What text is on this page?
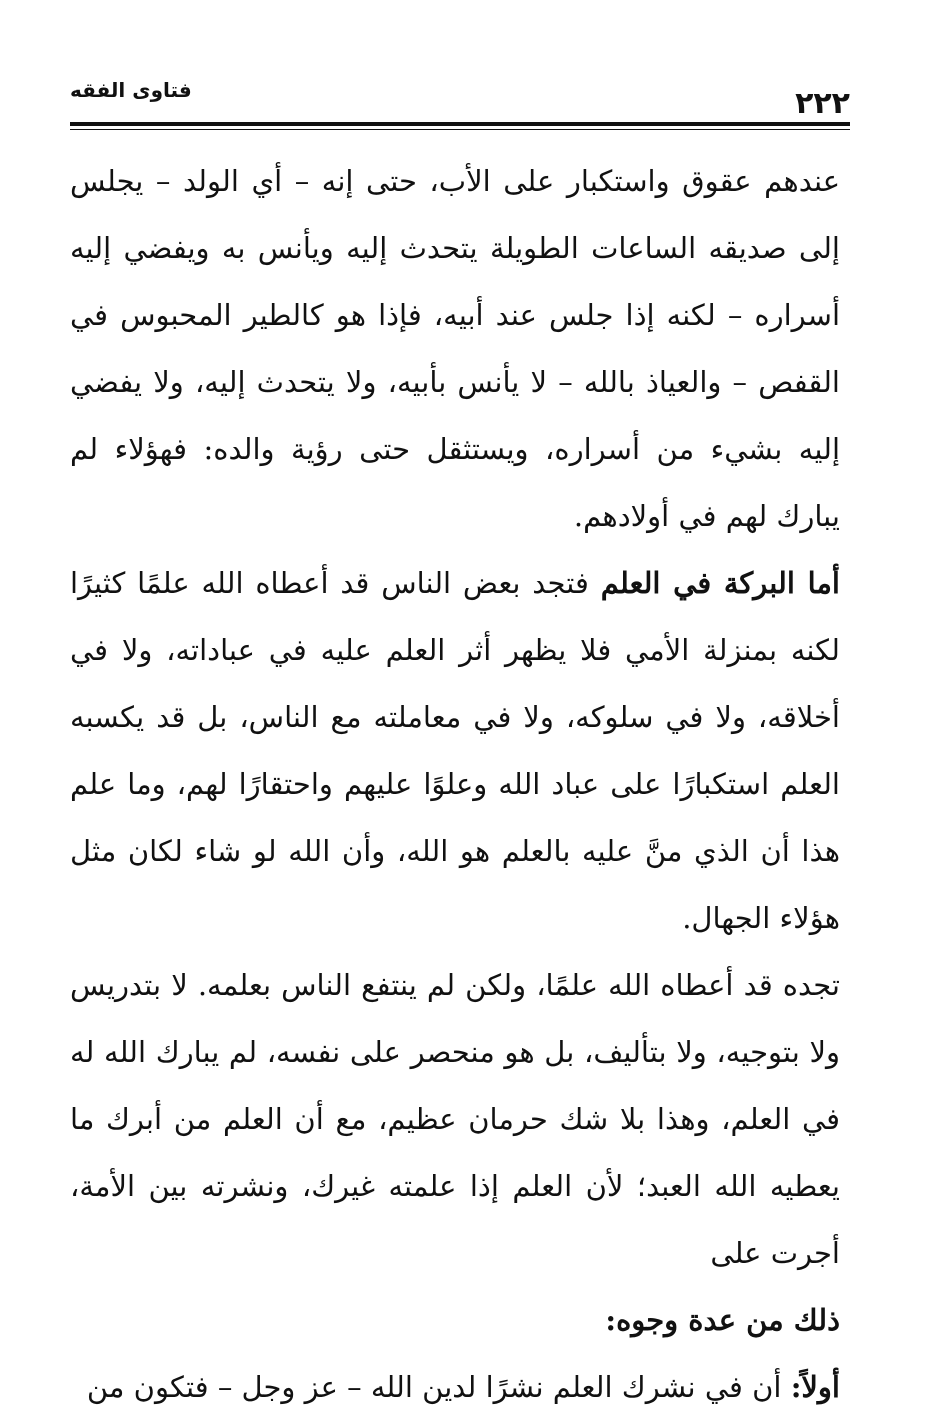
فتاوى الفقه	٢٢٢

عندهم عقوق واستكبار على الأب، حتى إنه – أي الولد – يجلس إلى صديقه الساعات الطويلة يتحدث إليه ويأنس به ويفضي إليه أسراره – لكنه إذا جلس عند أبيه، فإذا هو كالطير المحبوس في القفص – والعياذ بالله – لا يأنس بأبيه، ولا يتحدث إليه، ولا يفضي إليه بشيء من أسراره، ويستثقل حتى رؤية والده: فهؤلاء لم يبارك لهم في أولادهم.

أما البركة في العلم فتجد بعض الناس قد أعطاه الله علمًا كثيرًا لكنه بمنزلة الأمي فلا يظهر أثر العلم عليه في عباداته، ولا في أخلاقه، ولا في سلوكه، ولا في معاملته مع الناس، بل قد يكسبه العلم استكبارًا على عباد الله وعلوًا عليهم واحتقارًا لهم، وما علم هذا أن الذي منَّ عليه بالعلم هو الله، وأن الله لو شاء لكان مثل هؤلاء الجهال.

تجده قد أعطاه الله علمًا، ولكن لم ينتفع الناس بعلمه. لا بتدريس ولا بتوجيه، ولا بتأليف، بل هو منحصر على نفسه، لم يبارك الله له في العلم، وهذا بلا شك حرمان عظيم، مع أن العلم من أبرك ما يعطيه الله العبد؛ لأن العلم إذا علمته غيرك، ونشرته بين الأمة، أجرت على

ذلك من عدة وجوه:

أولاً: أن في نشرك العلم نشرًا لدين الله – عز وجل – فتكون من
